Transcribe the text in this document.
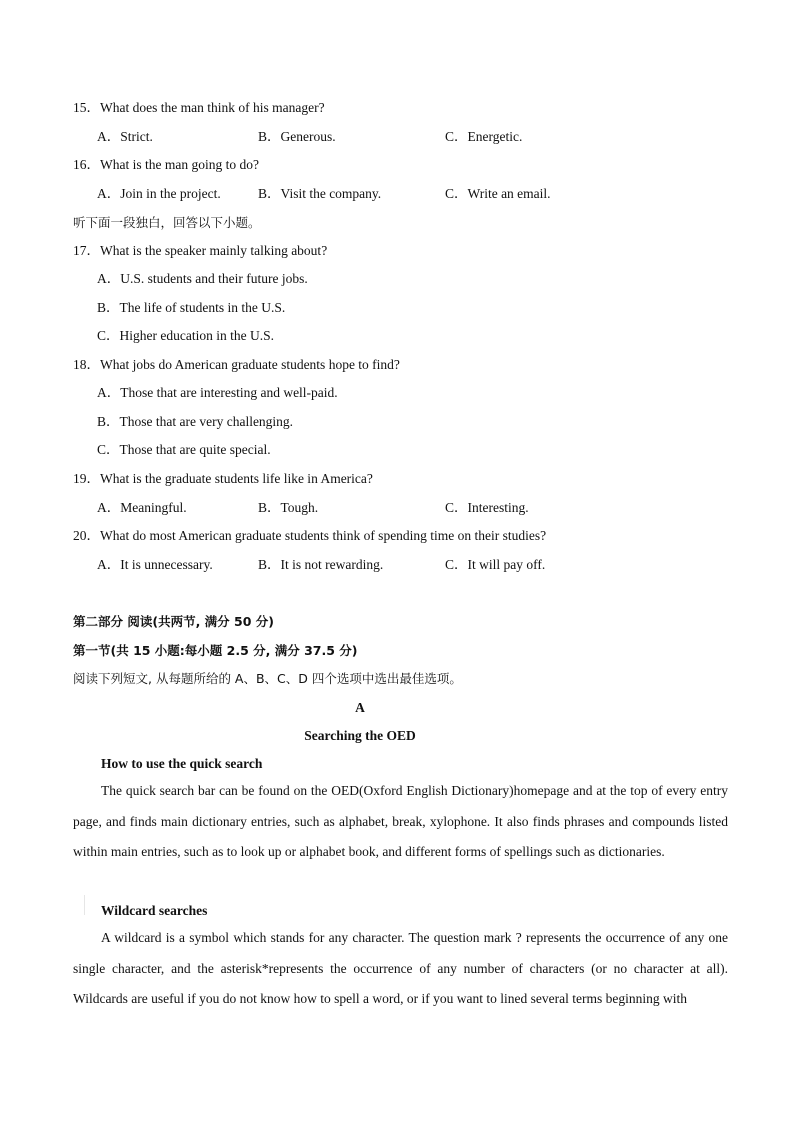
15．What does the man think of his manager?
A．Strict.	B．Generous.	C．Energetic.
16．What is the man going to do?
A．Join in the project.	B．Visit the company.	C．Write an email.
听下面一段独白，回答以下小题。
17．What is the speaker mainly talking about?
A．U.S. students and their future jobs.
B．The life of students in the U.S.
C．Higher education in the U.S.
18．What jobs do American graduate students hope to find?
A．Those that are interesting and well-paid.
B．Those that are very challenging.
C．Those that are quite special.
19．What is the graduate students life like in America?
A．Meaningful.	B．Tough.	C．Interesting.
20．What do most American graduate students think of spending time on their studies?
A．It is unnecessary.	B．It is not rewarding.	C．It will pay off.
第二部分 阅读(共两节, 满分 50 分)
第一节(共 15 小题:每小题 2.5 分, 满分 37.5 分)
阅读下列短文, 从每题所给的 A、B、C、D 四个选项中选出最佳选项。
A
Searching the OED
How to use the quick search

The quick search bar can be found on the OED(Oxford English Dictionary)homepage and at the top of every entry page, and finds main dictionary entries, such as alphabet, break, xylophone. It also finds phrases and compounds listed within main entries, such as to look up or alphabet book, and different forms of spellings such as dictionaries.

Wildcard searches

A wildcard is a symbol which stands for any character. The question mark ? represents the occurrence of any one single character, and the asterisk*represents the occurrence of any number of characters (or no character at all). Wildcards are useful if you do not know how to spell a word, or if you want to lined several terms beginning with
